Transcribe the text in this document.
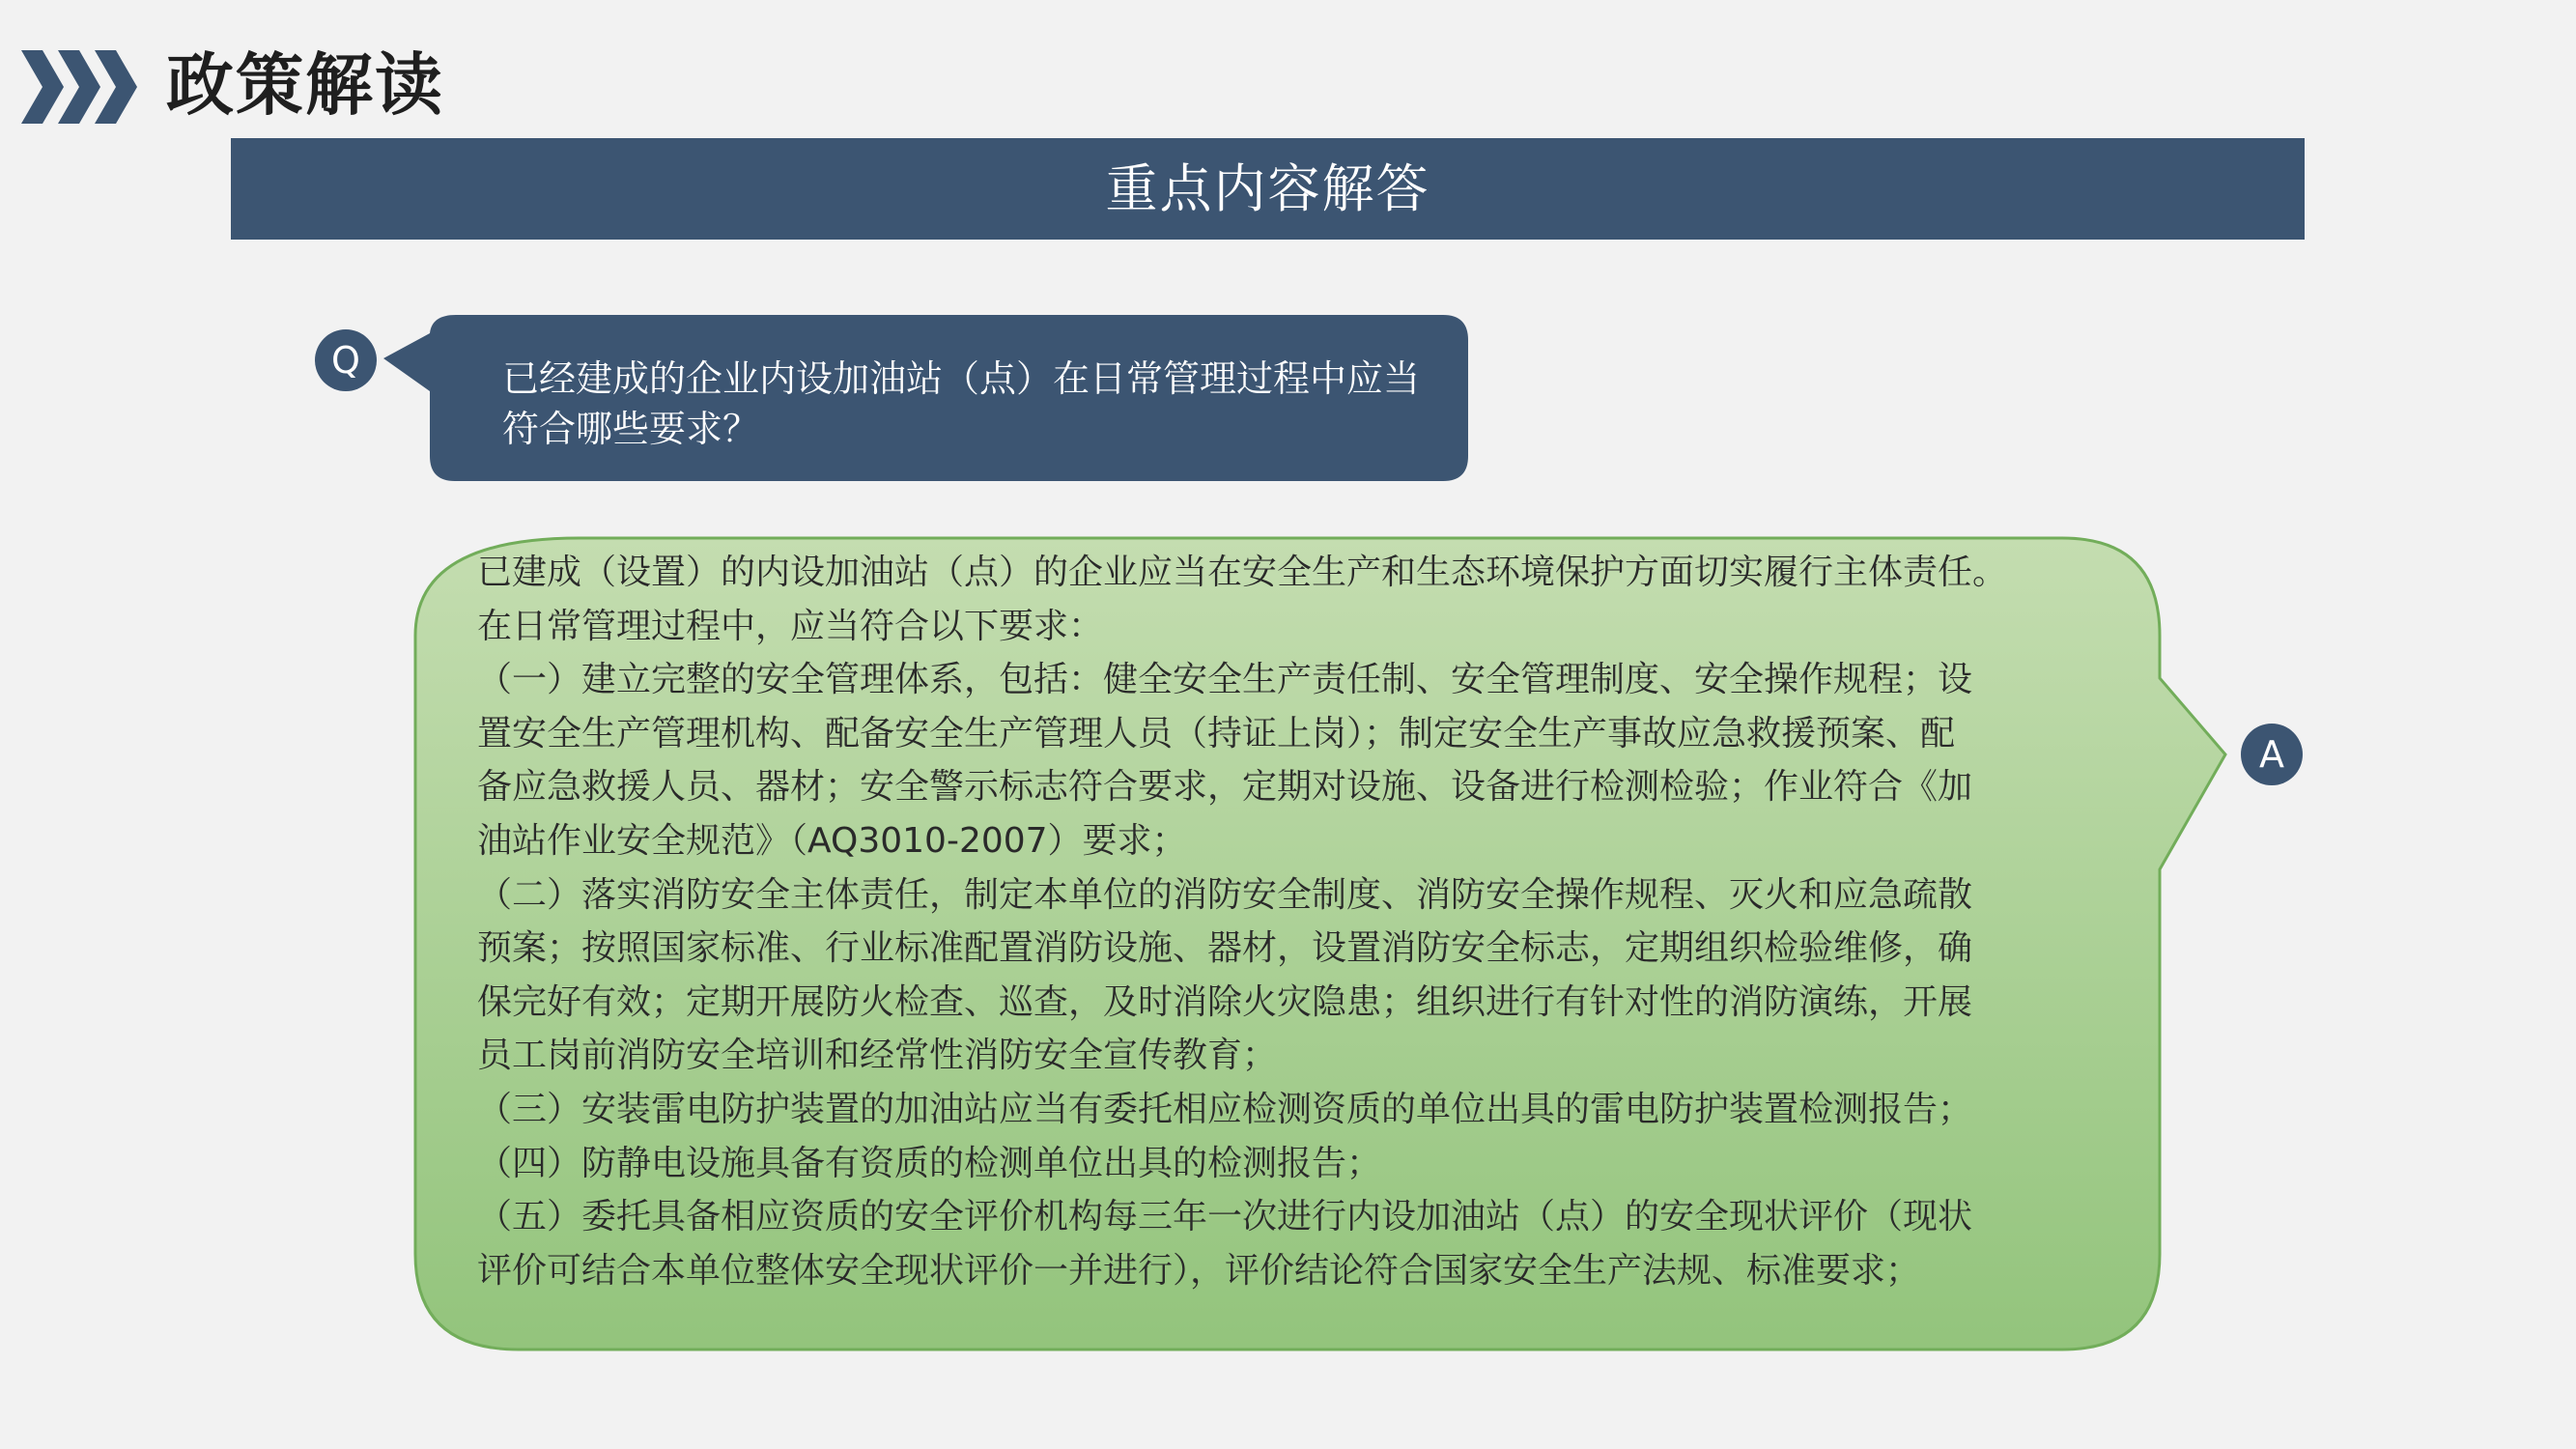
政策解读
重点内容解答
Q
A

已经建成的企业内设加油站（点）在日常管理过程中应当

符合哪些要求？

已建成（设置）的内设加油站（点）的企业应当在安全生产和生态环境保护方面切实履行主体责任。

在日常管理过程中，应当符合以下要求：

（一）建立完整的安全管理体系，包括：健全安全生产责任制、安全管理制度、安全操作规程；设

置安全生产管理机构、配备安全生产管理人员（持证上岗）；制定安全生产事故应急救援预案、配

备应急救援人员、器材；安全警示标志符合要求，定期对设施、设备进行检测检验；作业符合《加

油站作业安全规范》（AQ3010-2007）要求；

（二）落实消防安全主体责任，制定本单位的消防安全制度、消防安全操作规程、灭火和应急疏散

预案；按照国家标准、行业标准配置消防设施、器材，设置消防安全标志，定期组织检验维修，确

保完好有效；定期开展防火检查、巡查，及时消除火灾隐患；组织进行有针对性的消防演练，开展

员工岗前消防安全培训和经常性消防安全宣传教育；

（三）安装雷电防护装置的加油站应当有委托相应检测资质的单位出具的雷电防护装置检测报告；

（四）防静电设施具备有资质的检测单位出具的检测报告；

（五）委托具备相应资质的安全评价机构每三年一次进行内设加油站（点）的安全现状评价（现状

评价可结合本单位整体安全现状评价一并进行），评价结论符合国家安全生产法规、标准要求；
